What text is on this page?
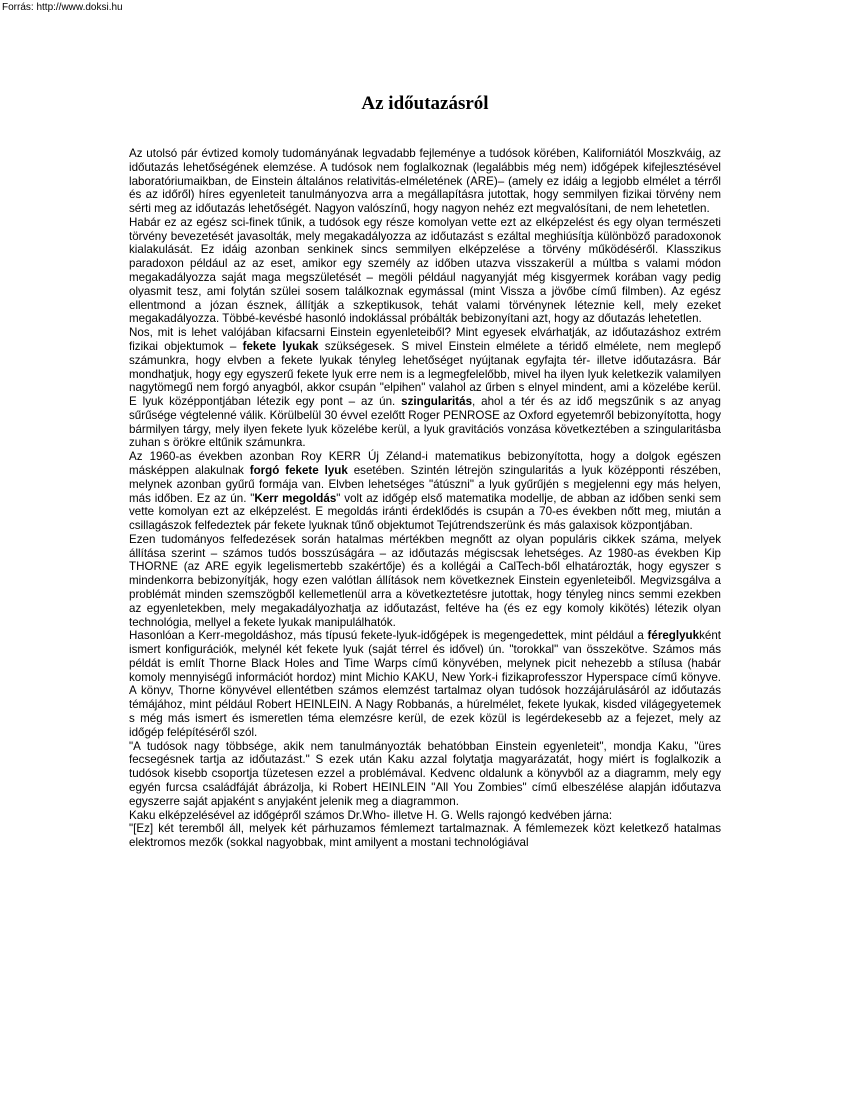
Forrás: http://www.doksi.hu
Az időutazásról

Az utolsó pár évtized komoly tudományának legvadabb fejleménye a tudósok körében, Kaliforniától Moszkváig, az időutazás lehetőségének elemzése. A tudósok nem foglalkoznak (legalábbis még nem) időgépek kifejlesztésével laboratóriumaikban, de Einstein általános relativitás-elméletének (ARE)– (amely ez idáig a legjobb elmélet a térről és az időről) híres egyenleteit tanulmányozva arra a megállapításra jutottak, hogy semmilyen fizikai törvény nem sérti meg az időutazás lehetőségét. Nagyon valószínű, hogy nagyon nehéz ezt megvalósítani, de nem lehetetlen.

Habár ez az egész sci-finek tűnik, a tudósok egy része komolyan vette ezt az elképzelést és egy olyan természeti törvény bevezetését javasolták, mely megakadályozza az időutazást s ezáltal meghiúsítja különböző paradoxonok kialakulását. Ez idáig azonban senkinek sincs semmilyen elképzelése a törvény működéséről. Klasszikus paradoxon például az az eset, amikor egy személy az időben utazva visszakerül a múltba s valami módon megakadályozza saját maga megszületését – megöli például nagyanyját még kisgyermek korában vagy pedig olyasmit tesz, ami folytán szülei sosem találkoznak egymással (mint Vissza a jövőbe című filmben). Az egész ellentmond a józan észnek, állítják a szkeptikusok, tehát valami törvénynek léteznie kell, mely ezeket megakadályozza. Többé-kevésbé hasonló indoklással próbálták bebizonyítani azt, hogy az dőutazás lehetetlen.

Nos, mit is lehet valójában kifacsarni Einstein egyenleteiből? Mint egyesek elvárhatják, az időutazáshoz extrém fizikai objektumok – fekete lyukak szükségesek. S mivel Einstein elmélete a téridő elmélete, nem meglepő számunkra, hogy elvben a fekete lyukak tényleg lehetőséget nyújtanak egyfajta tér- illetve időutazásra. Bár mondhatjuk, hogy egy egyszerű fekete lyuk erre nem is a legmegfelelőbb, mivel ha ilyen lyuk keletkezik valamilyen nagytömegű nem forgó anyagból, akkor csupán "elpihen" valahol az űrben s elnyel mindent, ami a közelébe kerül. E lyuk középpontjában létezik egy pont – az ún. szingularitás, ahol a tér és az idő megszűnik s az anyag sűrűsége végtelenné válik. Körülbelül 30 évvel ezelőtt Roger PENROSE az Oxford egyetemről bebizonyította, hogy bármilyen tárgy, mely ilyen fekete lyuk közelébe kerül, a lyuk gravitációs vonzása következtében a szingularitásba zuhan s örökre eltűnik számunkra.

Az 1960-as években azonban Roy KERR Új Zéland-i matematikus bebizonyította, hogy a dolgok egészen másképpen alakulnak forgó fekete lyuk esetében. Szintén létrejön szingularitás a lyuk középponti részében, melynek azonban gyűrű formája van. Elvben lehetséges "átúszni" a lyuk gyűrűjén s megjelenni egy más helyen, más időben. Ez az ún. "Kerr megoldás" volt az időgép első matematika modellje, de abban az időben senki sem vette komolyan ezt az elképzelést. E megoldás iránti érdeklődés is csupán a 70-es években nőtt meg, miután a csillagászok felfedeztek pár fekete lyuknak tűnő objektumot Tejútrendszerünk és más galaxisok központjában.

Ezen tudományos felfedezések során hatalmas mértékben megnőtt az olyan populáris cikkek száma, melyek állítása szerint – számos tudós bosszúságára – az időutazás mégiscsak lehetséges. Az 1980-as években Kip THORNE (az ARE egyik legelismertebb szakértője) és a kollégái a CalTech-ből elhatározták, hogy egyszer s mindenkorra bebizonyítják, hogy ezen valótlan állítások nem következnek Einstein egyenleteiből. Megvizsgálva a problémát minden szemszögből kellemetlenül arra a következtetésre jutottak, hogy tényleg nincs semmi ezekben az egyenletekben, mely megakadályozhatja az időutazást, feltéve ha (és ez egy komoly kikötés) létezik olyan technológia, mellyel a fekete lyukak manipulálhatók.

Hasonlóan a Kerr-megoldáshoz, más típusú fekete-lyuk-időgépek is megengedettek, mint például a féreglyukként ismert konfigurációk, melynél két fekete lyuk (saját térrel és idővel) ún. "torokkal" van összekötve. Számos más példát is említ Thorne Black Holes and Time Warps című könyvében, melynek picit nehezebb a stílusa (habár komoly mennyiségű információt hordoz) mint Michio KAKU, New York-i fizikaprofesszor Hyperspace című könyve. A könyv, Thorne könyvével ellentétben számos elemzést tartalmaz olyan tudósok hozzájárulásáról az időutazás témájához, mint például Robert HEINLEIN. A Nagy Robbanás, a húrelmélet, fekete lyukak, kisded világegyetemek s még más ismert és ismeretlen téma elemzésre kerül, de ezek közül is legérdekesebb az a fejezet, mely az időgép felépítéséről szól.

"A tudósok nagy többsége, akik nem tanulmányozták behatóbban Einstein egyenleteit", mondja Kaku, "üres fecsegésnek tartja az időutazást." S ezek után Kaku azzal folytatja magyarázatát, hogy miért is foglalkozik a tudósok kisebb csoportja tüzetesen ezzel a problémával. Kedvenc oldalunk a könyvből az a diagramm, mely egy egyén furcsa családfáját ábrázolja, ki Robert HEINLEIN "All You Zombies" című elbeszélése alapján időutazva egyszerre saját apjaként s anyjaként jelenik meg a diagrammon.

Kaku elképzelésével az időgépről számos Dr.Who- illetve H. G. Wells rajongó kedvében járna:

"[Ez] két teremből áll, melyek két párhuzamos fémlemezt tartalmaznak. A fémlemezek közt keletkező hatalmas elektromos mezők (sokkal nagyobbak, mint amilyent a mostani technológiával
